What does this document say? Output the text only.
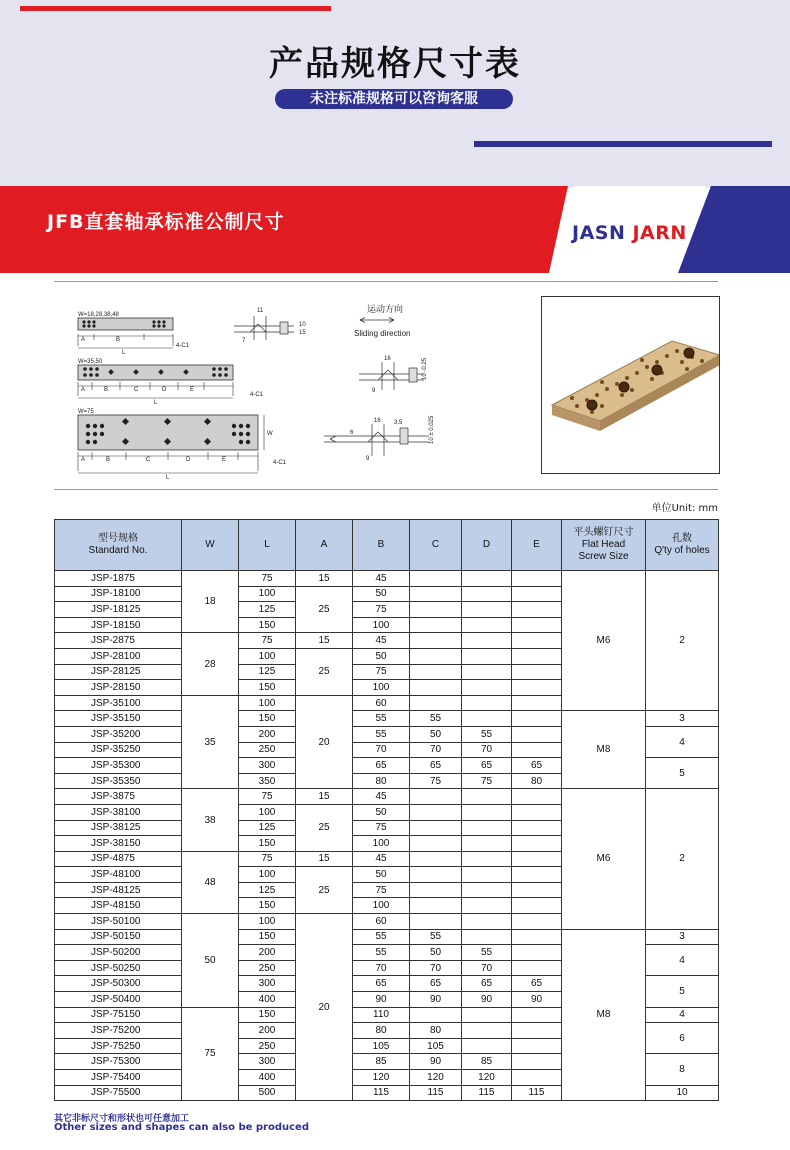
产品规格尺寸表
未注标准规格可以咨询客服
JFB直套轴承标准公制尺寸	JASN JARN
W=18,28,38,48
A	B
L
4-C1
W=35,50
A	B	C	D	E
L
4-C1
W=75
A	B	C	D	E
L
W
4-C1
运动方向
Sliding direction
11
7
10
15
16
9
10 -0.25
16 3.5
6
9
10 ± 0.025
单位Unit: mm
型号规格
Standard No.	W	L	A	B	C	D	E	平头螺钉尺寸
Flat Head
Screw Size	孔数
Q'ty of holes
JSP-1875	18	75	15	45				M6	2
JSP-18100		100	25	50					
JSP-18125		125		75					
JSP-18150		150		100					
JSP-2875	28	75	15	45					
JSP-28100		100	25	50					
JSP-28125		125		75					
JSP-28150		150		100					
JSP-35100	35	100	20	60					
JSP-35150		150		55	55			M8	3
JSP-35200		200		55	50	55			4
JSP-35250		250		70	70	70			
JSP-35300		300		65	65	65	65		5
JSP-35350		350		80	75	75	80		
JSP-3875	38	75	15	45				M6	2
JSP-38100		100	25	50					
JSP-38125		125		75					
JSP-38150		150		100					
JSP-4875	48	75	15	45					
JSP-48100		100	25	50					
JSP-48125		125		75					
JSP-48150		150		100					
JSP-50100	50	100	20	60					
JSP-50150		150		55	55			M8	3
JSP-50200		200		55	50	55			4
JSP-50250		250		70	70	70			
JSP-50300		300		65	65	65	65		5
JSP-50400		400		90	90	90	90		
JSP-75150	75	150		110					4
JSP-75200		200		80	80				6
JSP-75250		250		105	105				
JSP-75300		300		85	90	85			8
JSP-75400		400		120	120	120			
JSP-75500		500		115	115	115	115		10
其它非标尺寸和形状也可任意加工
Other sizes and shapes can also be produced
